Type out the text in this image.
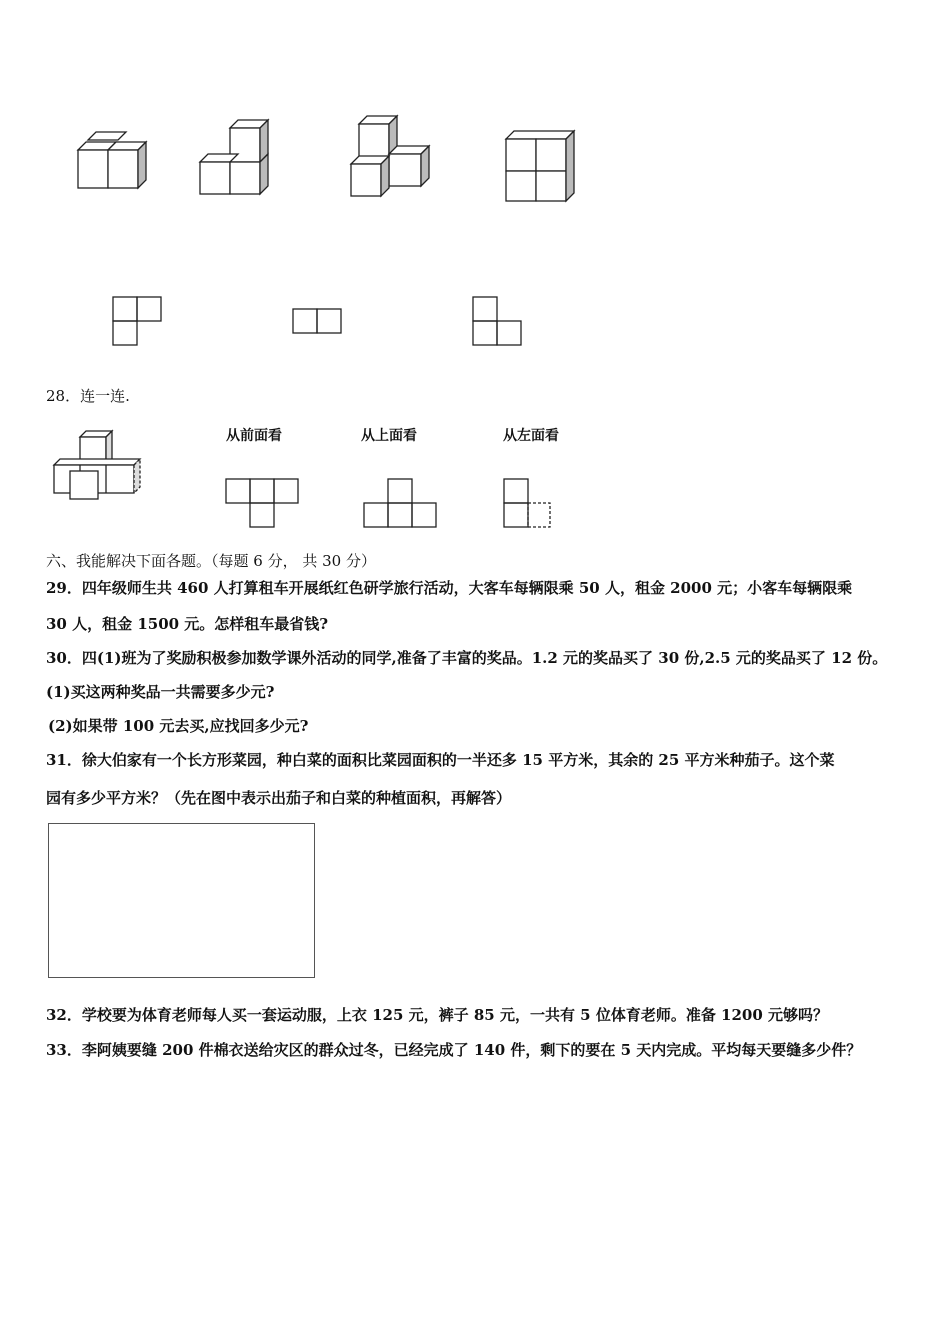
28．连一连.
从前面看	从上面看	从左面看
六、我能解决下面各题。（每题 6 分， 共 30 分）
29．四年级师生共 460 人打算租车开展纸红色研学旅行活动，大客车每辆限乘 50 人，租金 2000 元；小客车每辆限乘
30 人，租金 1500 元。怎样租车最省钱?
30．四(1)班为了奖励积极参加数学课外活动的同学,准备了丰富的奖品。1.2 元的奖品买了 30 份,2.5 元的奖品买了 12 份。
(1)买这两种奖品一共需要多少元?
(2)如果带 100 元去买,应找回多少元?
31．徐大伯家有一个长方形菜园，种白菜的面积比菜园面积的一半还多 15 平方米，其余的 25 平方米种茄子。这个菜
园有多少平方米？（先在图中表示出茄子和白菜的种植面积，再解答）
32．学校要为体育老师每人买一套运动服，上衣 125 元，裤子 85 元，一共有 5 位体育老师。准备 1200 元够吗？
33．李阿姨要缝 200 件棉衣送给灾区的群众过冬，已经完成了 140 件，剩下的要在 5 天内完成。平均每天要缝多少件？
